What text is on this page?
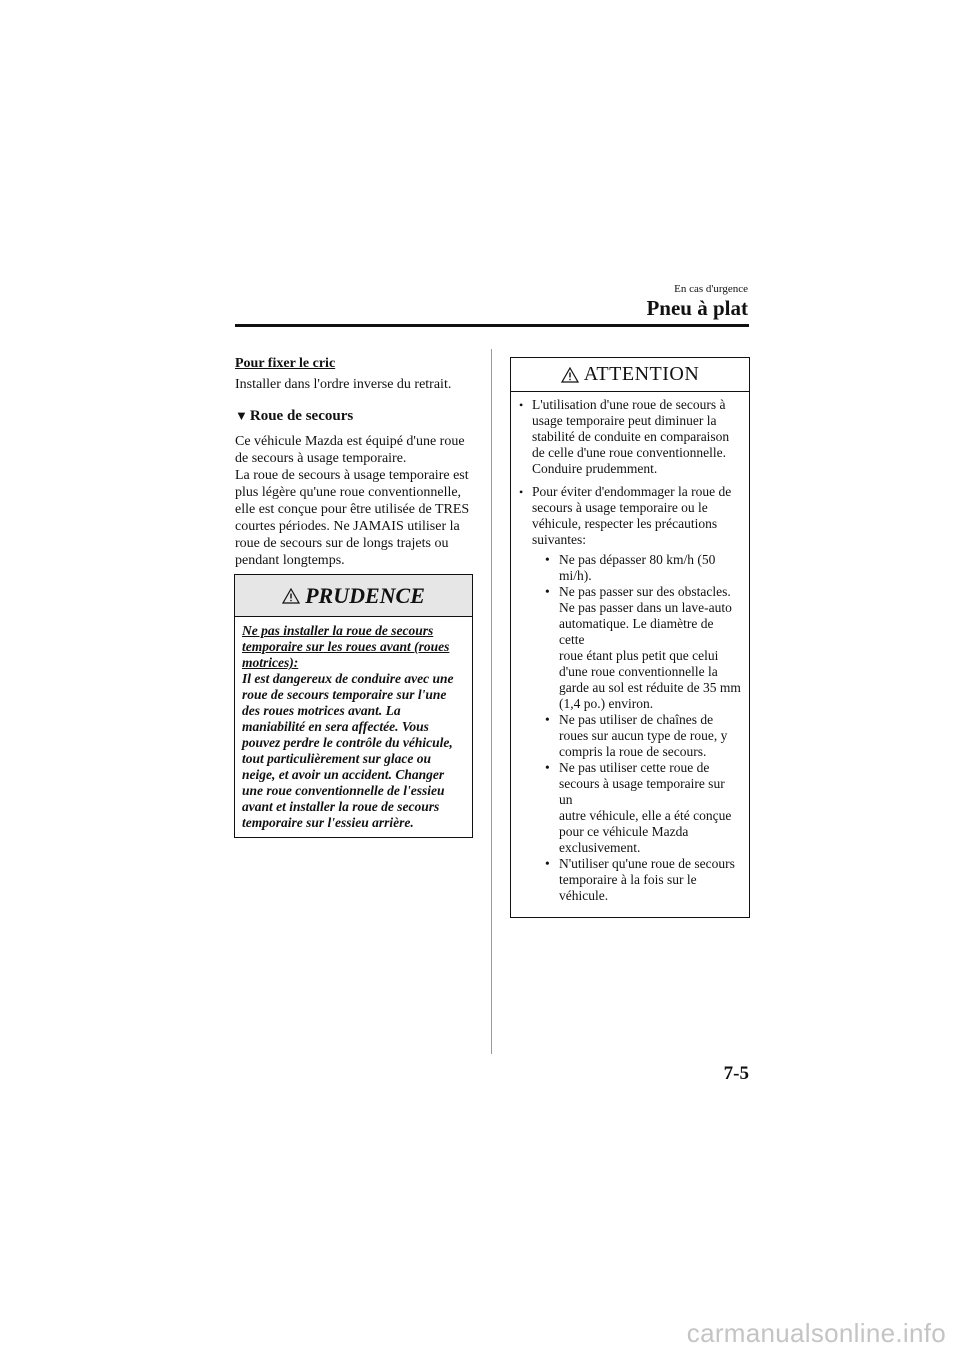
En cas d'urgence
Pneu à plat

Pour fixer le cric

Installer dans l'ordre inverse du retrait.

▼ Roue de secours
Ce véhicule Mazda est équipé d'une roue
de secours à usage temporaire.
La roue de secours à usage temporaire est
plus légère qu'une roue conventionnelle,
elle est conçue pour être utilisée de TRES
courtes périodes. Ne JAMAIS utiliser la
roue de secours sur de longs trajets ou
pendant longtemps.
PRUDENCE

Ne pas installer la roue de secours

temporaire sur les roues avant (roues

motrices):

Il est dangereux de conduire avec une

roue de secours temporaire sur l'une

des roues motrices avant. La

maniabilité en sera affectée. Vous

pouvez perdre le contrôle du véhicule,

tout particulièrement sur glace ou

neige, et avoir un accident. Changer

une roue conventionnelle de l'essieu

avant et installer la roue de secours

temporaire sur l'essieu arrière.

ATTENTION
• L'utilisation d'une roue de secours à
usage temporaire peut diminuer la
stabilité de conduite en comparaison
de celle d'une roue conventionnelle.
Conduire prudemment.
• Pour éviter d'endommager la roue de
secours à usage temporaire ou le
véhicule, respecter les précautions
suivantes:
• Ne pas dépasser 80 km/h (50
mi/h).
• Ne pas passer sur des obstacles.
Ne pas passer dans un lave-auto
automatique. Le diamètre de cette
roue étant plus petit que celui
d'une roue conventionnelle la
garde au sol est réduite de 35 mm
(1,4 po.) environ.
• Ne pas utiliser de chaînes de
roues sur aucun type de roue, y
compris la roue de secours.
• Ne pas utiliser cette roue de
secours à usage temporaire sur un
autre véhicule, elle a été conçue
pour ce véhicule Mazda
exclusivement.
• N'utiliser qu'une roue de secours
temporaire à la fois sur le
véhicule.
7-5
carmanualsonline.info
